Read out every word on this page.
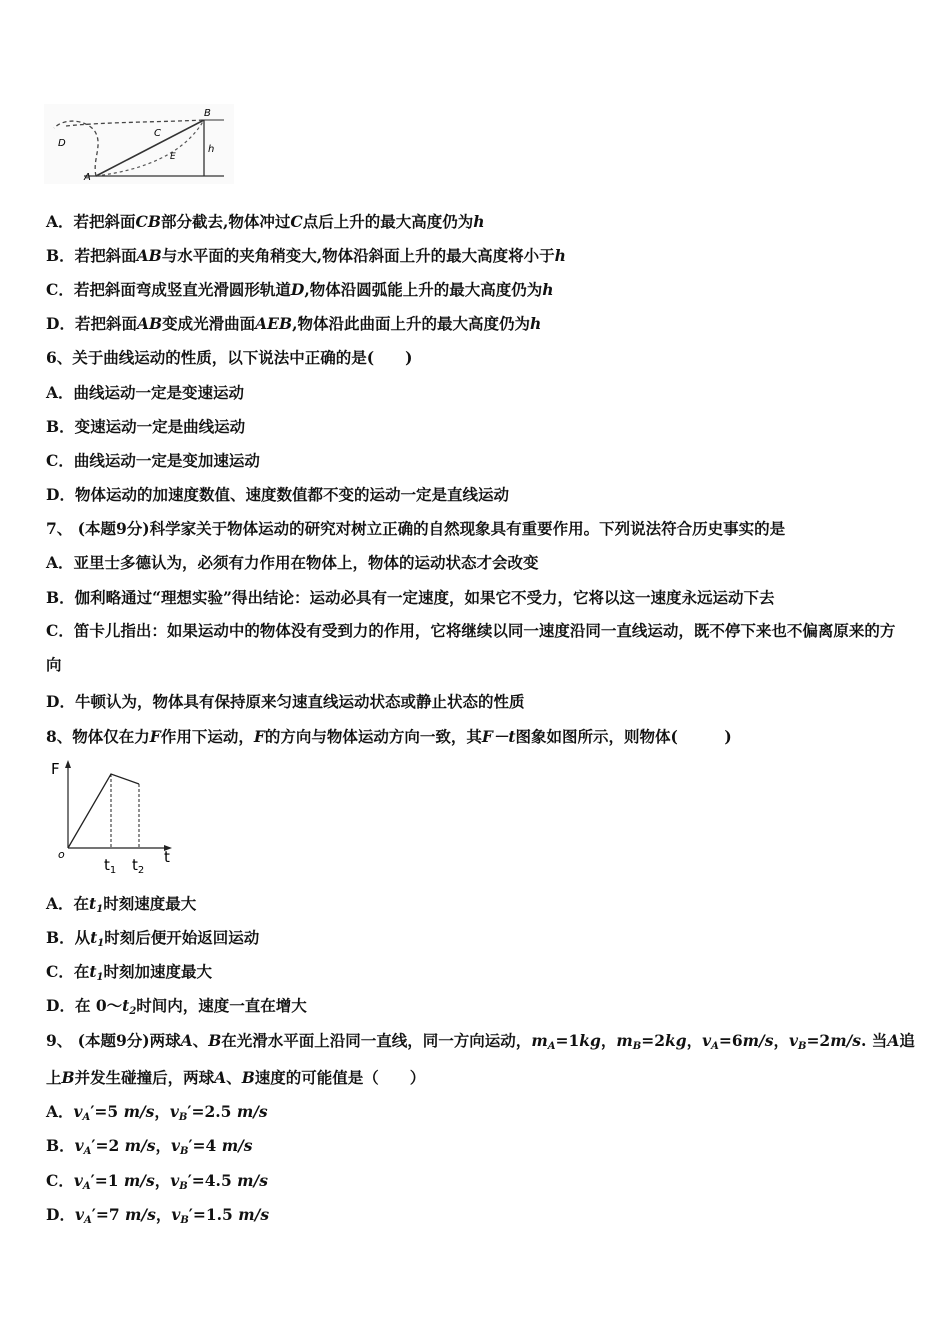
A
B
C
D
E
h
A．若把斜面CB部分截去,物体冲过C点后上升的最大高度仍为h
B．若把斜面AB与水平面的夹角稍变大,物体沿斜面上升的最大高度将小于h
C．若把斜面弯成竖直光滑圆形轨道D,物体沿圆弧能上升的最大高度仍为h
D．若把斜面AB变成光滑曲面AEB,物体沿此曲面上升的最大高度仍为h
6、关于曲线运动的性质，以下说法中正确的是(　　)
A．曲线运动一定是变速运动
B．变速运动一定是曲线运动
C．曲线运动一定是变加速运动
D．物体运动的加速度数值、速度数值都不变的运动一定是直线运动
7、 (本题9分)科学家关于物体运动的研究对树立正确的自然现象具有重要作用。下列说法符合历史事实的是
A．亚里士多德认为，必须有力作用在物体上，物体的运动状态才会改变
B．伽利略通过“理想实验”得出结论：运动必具有一定速度，如果它不受力，它将以这一速度永远运动下去
C．笛卡儿指出：如果运动中的物体没有受到力的作用，它将继续以同一速度沿同一直线运动，既不停下来也不偏离原来的方向
D．牛顿认为，物体具有保持原来匀速直线运动状态或静止状态的性质
8、物体仅在力F作用下运动，F的方向与物体运动方向一致，其F－t图象如图所示，则物体(　　　)
F
t
o
$t_1$ $t_2$
A．在$t_1$时刻速度最大
B．从$t_1$时刻后便开始返回运动
C．在$t_1$时刻加速度最大
D．在 $0\sim t_2$时间内，速度一直在增大
9、 (本题9分)两球A、B在光滑水平面上沿同一直线，同一方向运动，$m_A=1kg$，$m_B=2kg$，$v_A=6m/s$，$v_B=2m/s$. 当A追
上B并发生碰撞后，两球A、B速度的可能值是（　　）
A．$v_A'=5$ m/s，$v_B'=2.5$ m/s
B．$v_A'=2$ m/s，$v_B'=4$ m/s
C．$v_A'=1$ m/s，$v_B'=4.5$ m/s
D．$v_A'=7$ m/s，$v_B'=1.5$ m/s
